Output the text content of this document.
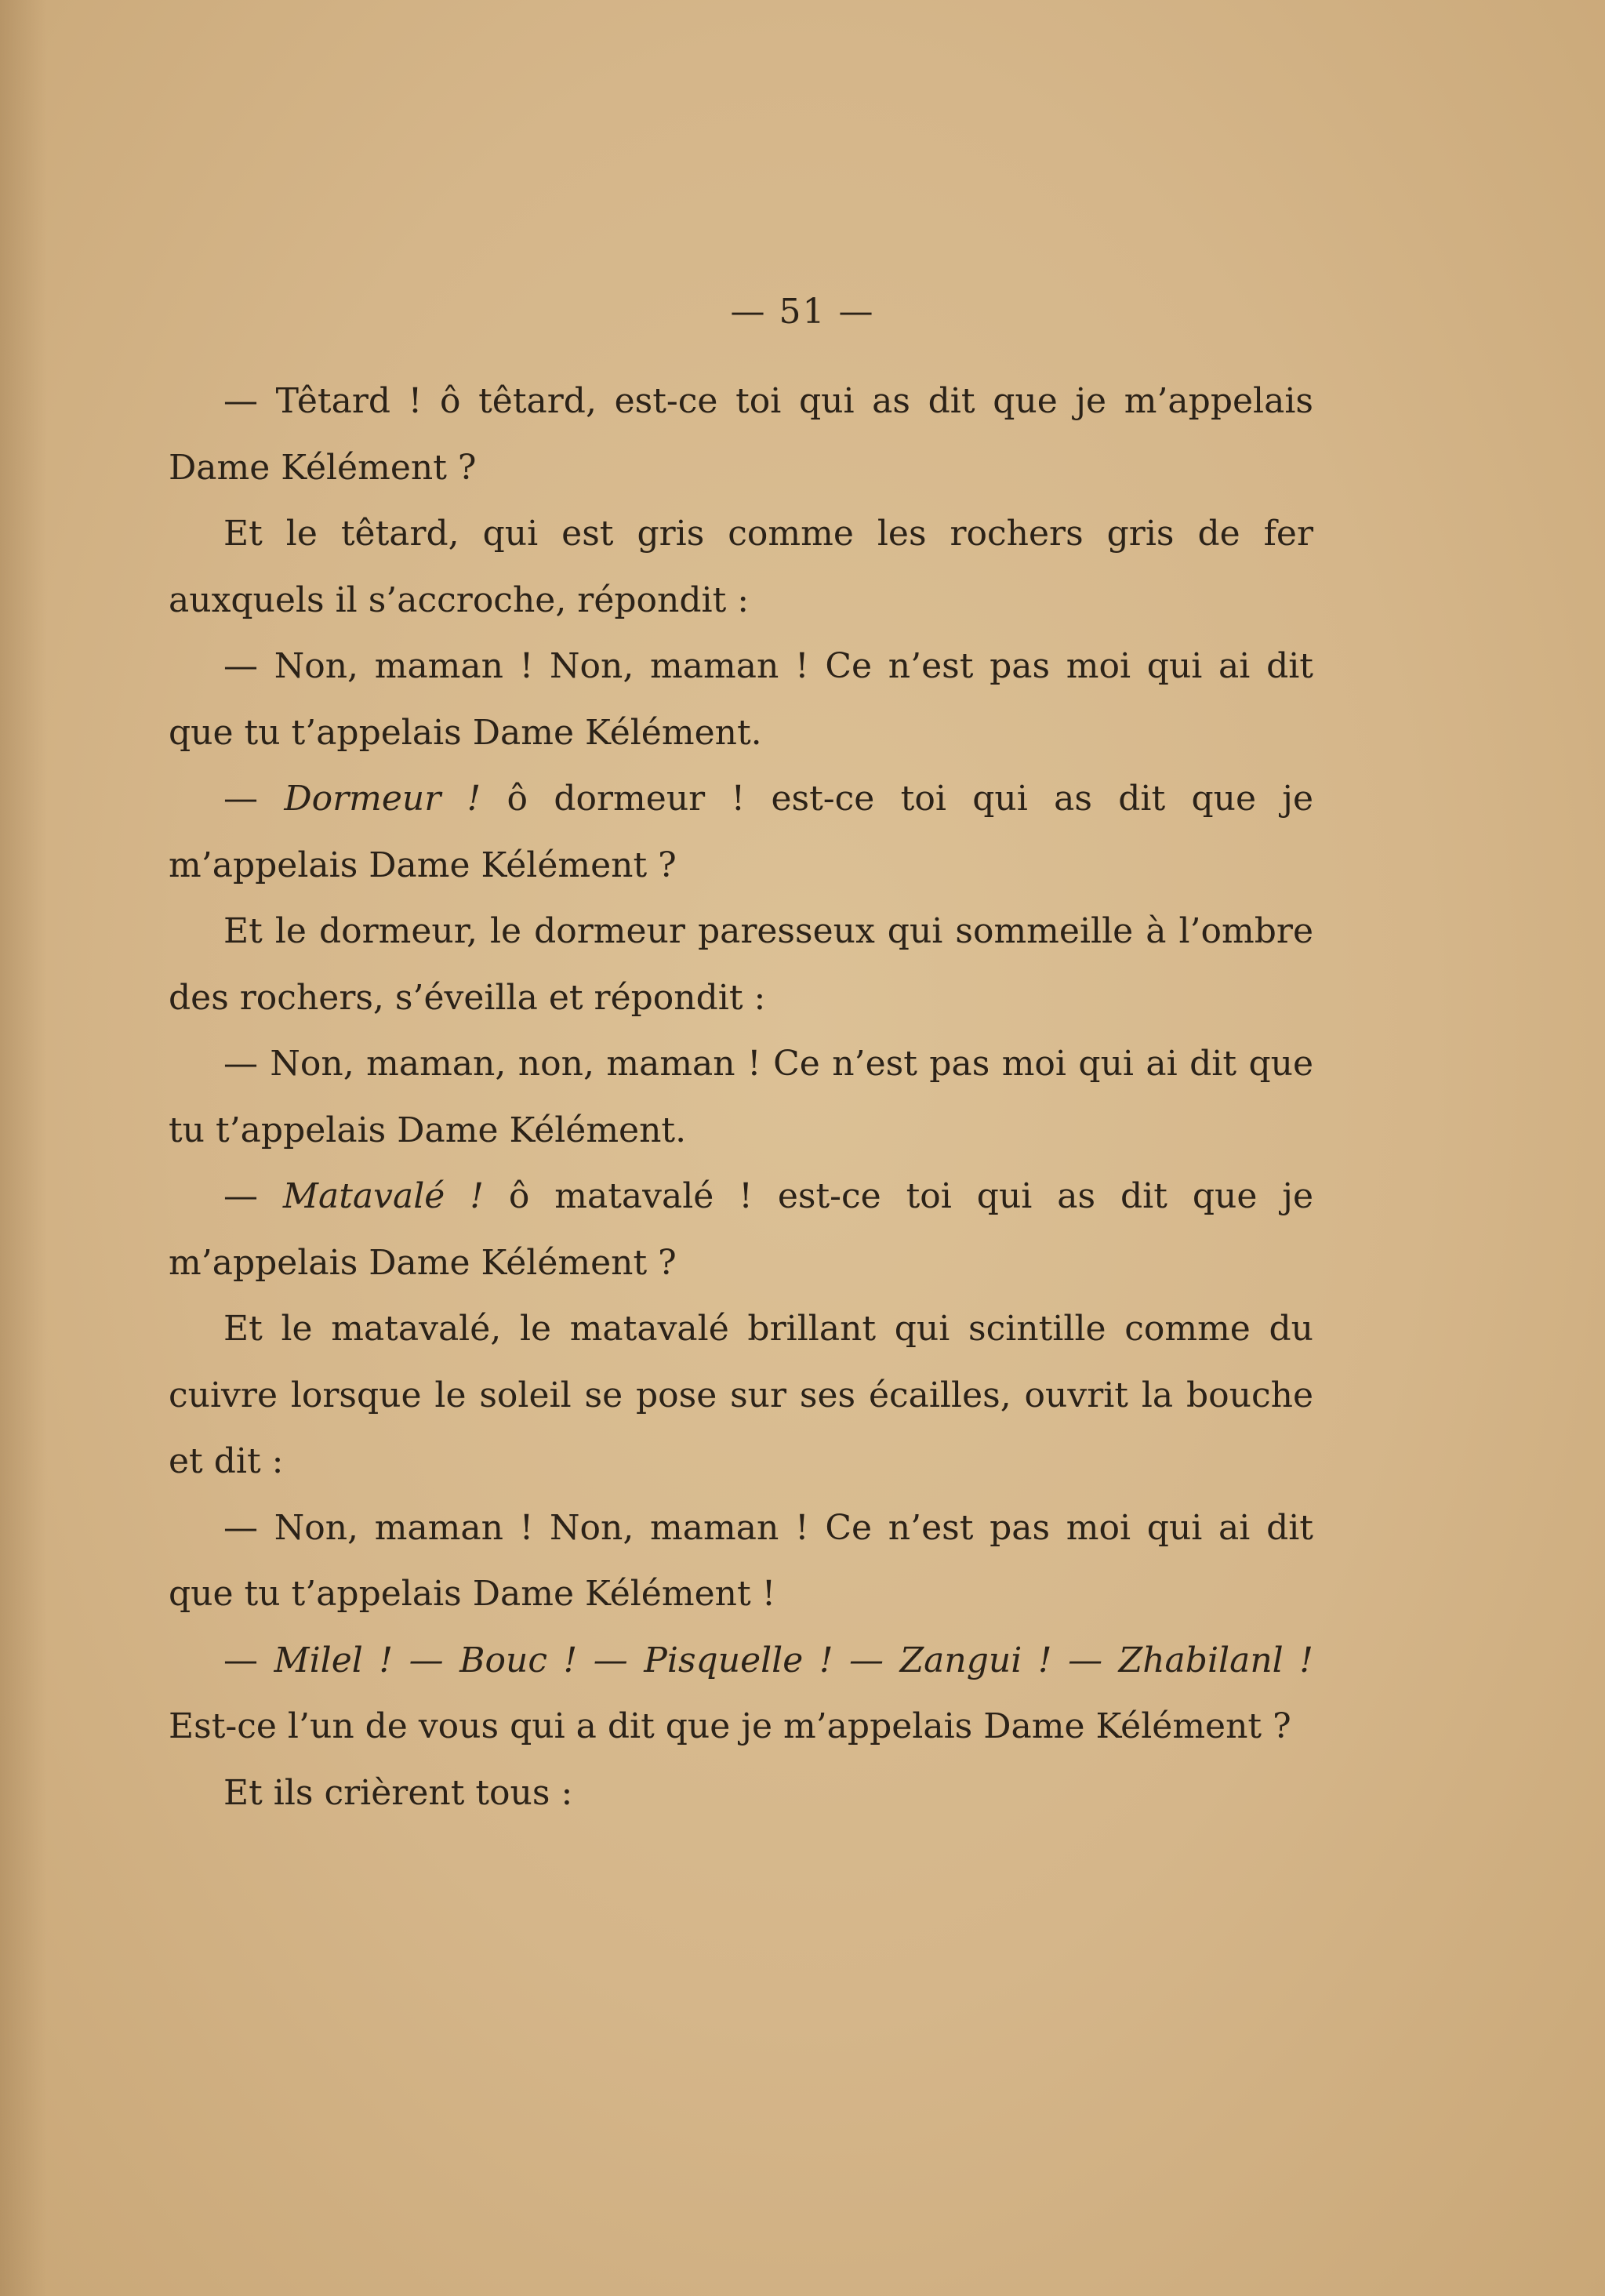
— 51 —

— Têtard ! ô têtard, est-ce toi qui as dit que je m’appelais Dame Kélément ?

Et le têtard, qui est gris comme les rochers gris de fer auxquels il s’accroche, répondit :

— Non, maman ! Non, maman ! Ce n’est pas moi qui ai dit que tu t’appelais Dame Kélément.

— Dormeur ! ô dormeur ! est-ce toi qui as dit que je m’appelais Dame Kélément ?

Et le dormeur, le dormeur paresseux qui sommeille à l’ombre des rochers, s’éveilla et répondit :

— Non, maman, non, maman ! Ce n’est pas moi qui ai dit que tu t’appelais Dame Kélément.

— Matavalé ! ô matavalé ! est-ce toi qui as dit que je m’appelais Dame Kélément ?

Et le matavalé, le matavalé brillant qui scintille comme du cuivre lorsque le soleil se pose sur ses écailles, ouvrit la bouche et dit :

— Non, maman ! Non, maman ! Ce n’est pas moi qui ai dit que tu t’appelais Dame Kélément !

— Milel ! — Bouc ! — Pisquelle ! — Zangui ! — Zhabilanl ! Est-ce l’un de vous qui a dit que je m’appelais Dame Kélément ?

Et ils crièrent tous :
